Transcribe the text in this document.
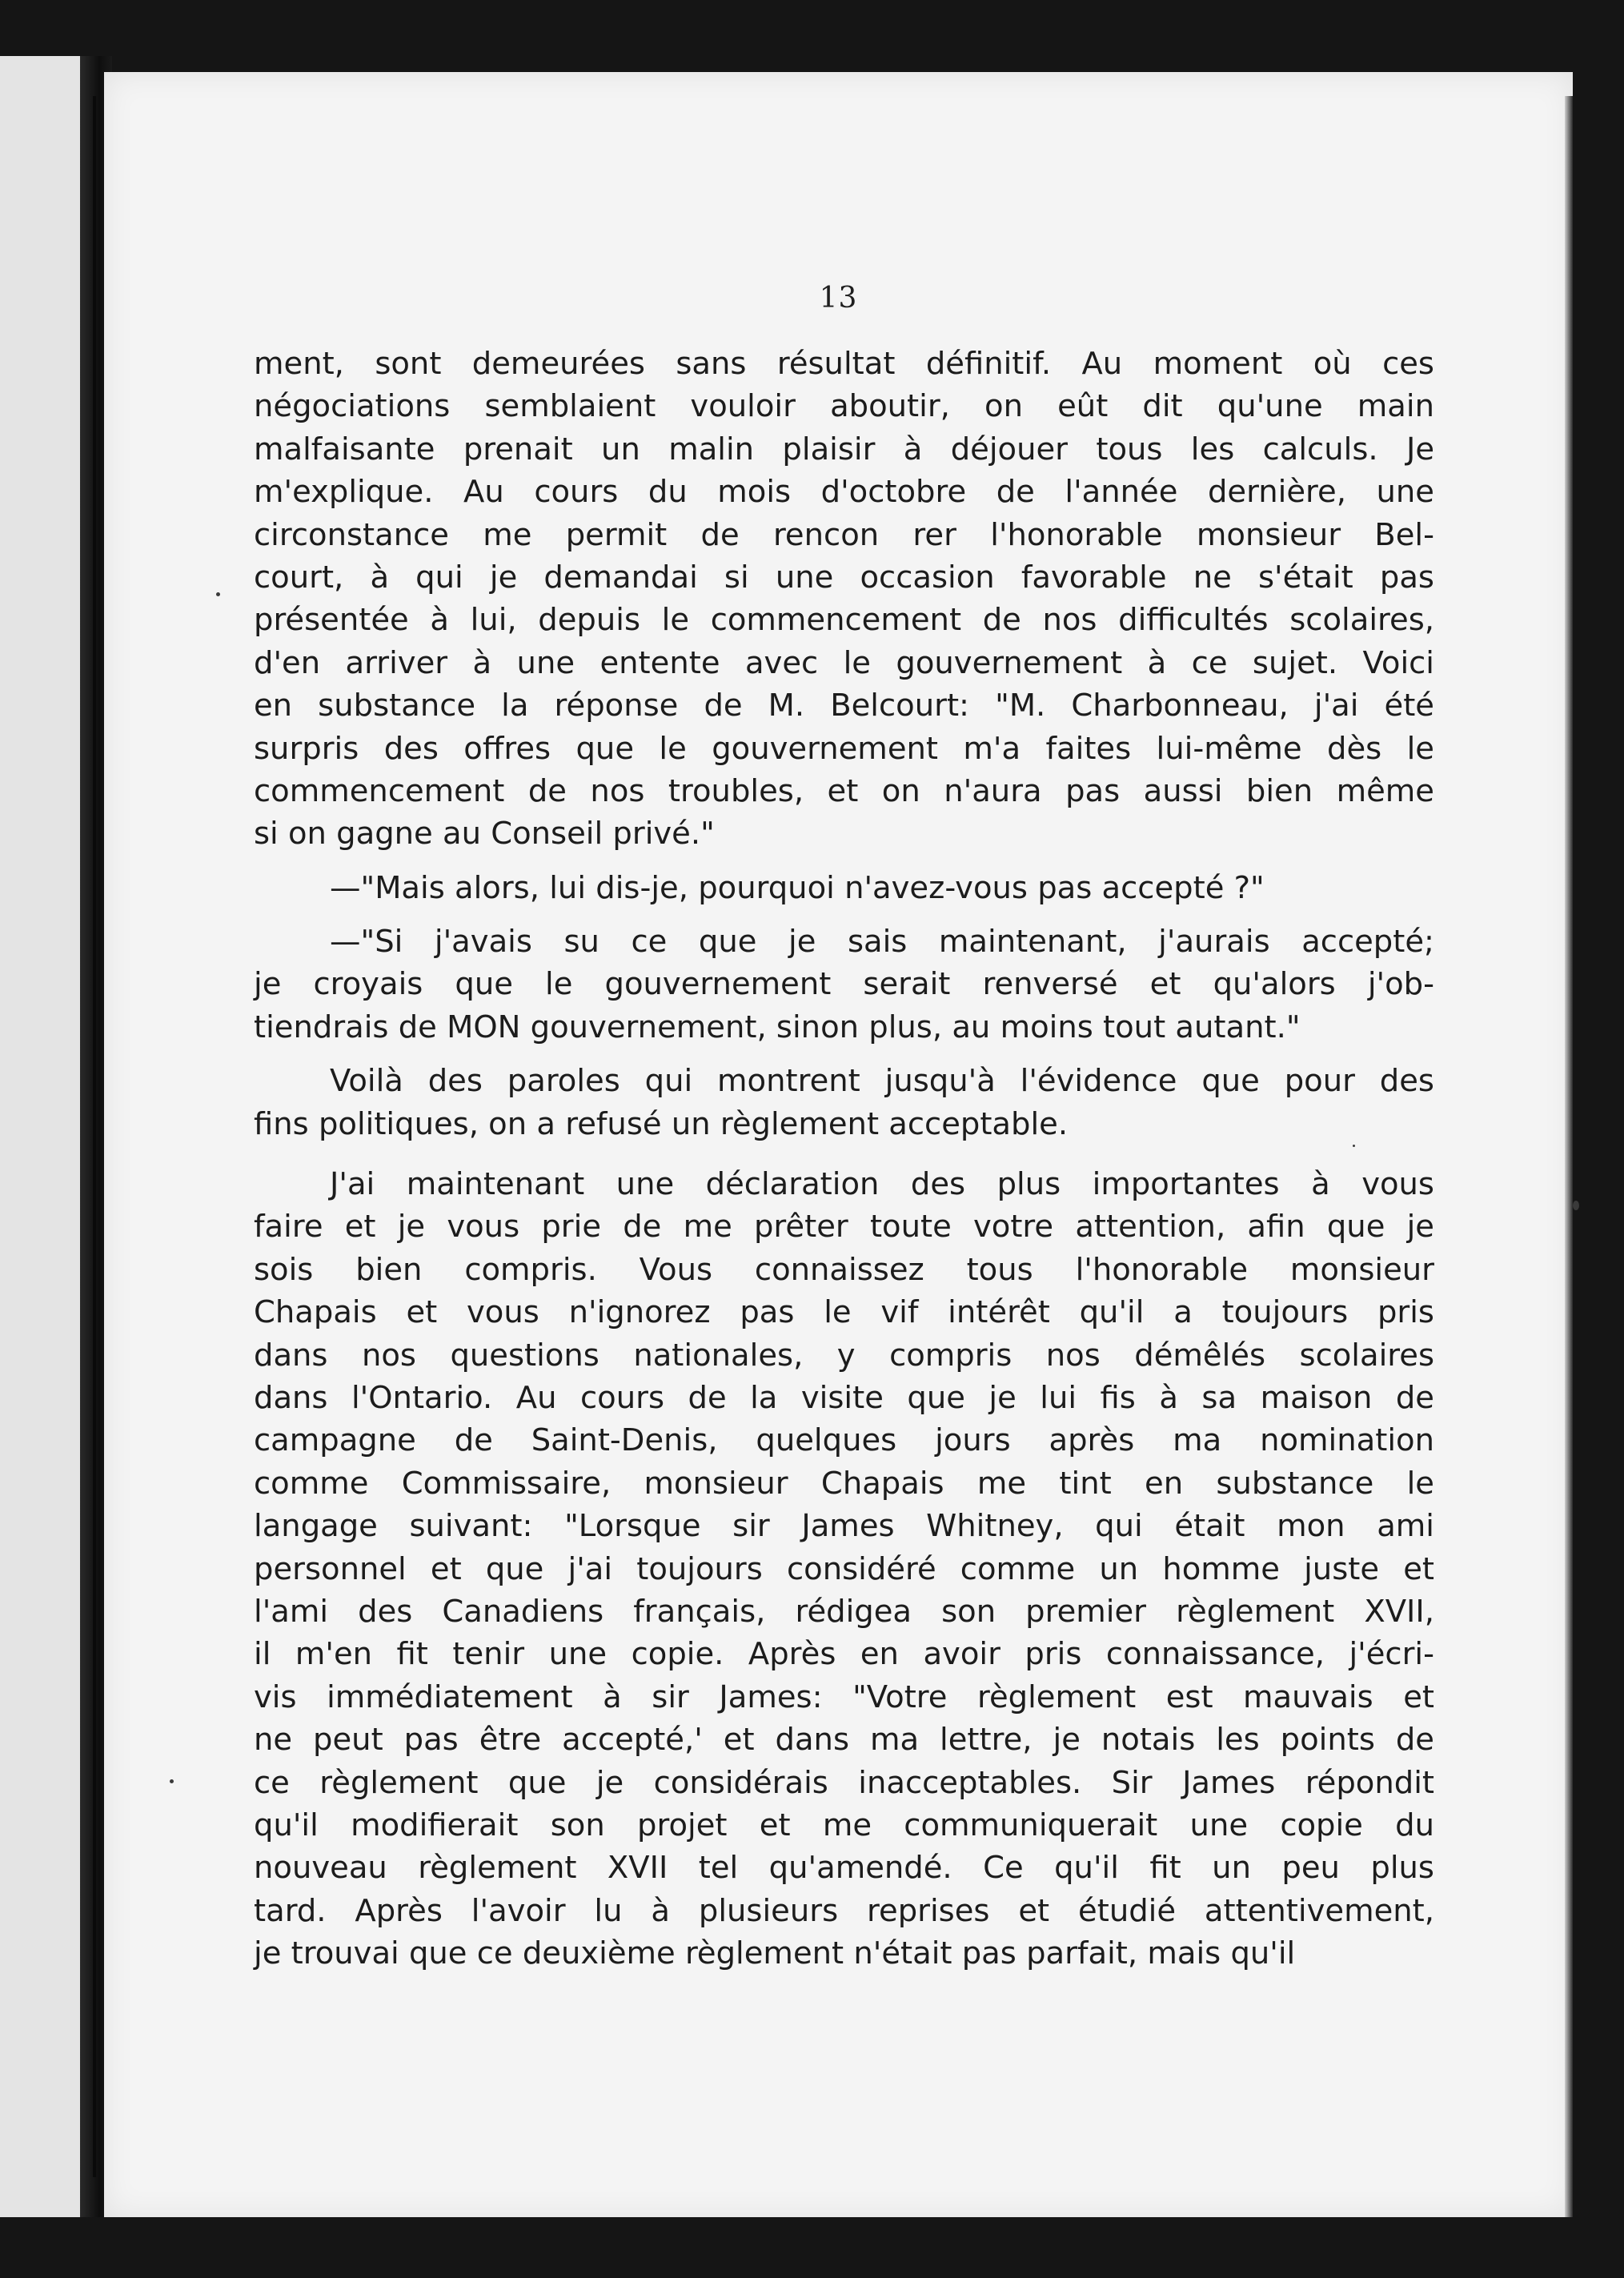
13
ment, sont demeurées sans résultat définitif. Au moment où ces
négociations semblaient vouloir aboutir, on eût dit qu'une main
malfaisante prenait un malin plaisir à déjouer tous les calculs. Je
m'explique. Au cours du mois d'octobre de l'année dernière, une
circonstance me permit de rencon rer l'honorable monsieur Bel-
court, à qui je demandai si une occasion favorable ne s'était pas
présentée à lui, depuis le commencement de nos difficultés scolaires,
d'en arriver à une entente avec le gouvernement à ce sujet. Voici
en substance la réponse de M. Belcourt: "M. Charbonneau, j'ai été
surpris des offres que le gouvernement m'a faites lui-même dès le
commencement de nos troubles, et on n'aura pas aussi bien même
si on gagne au Conseil privé."
—"Mais alors, lui dis-je, pourquoi n'avez-vous pas accepté ?"
—"Si j'avais su ce que je sais maintenant, j'aurais accepté;
je croyais que le gouvernement serait renversé et qu'alors j'ob-
tiendrais de MON gouvernement, sinon plus, au moins tout autant."
Voilà des paroles qui montrent jusqu'à l'évidence que pour des
fins politiques, on a refusé un règlement acceptable.
J'ai maintenant une déclaration des plus importantes à vous
faire et je vous prie de me prêter toute votre attention, afin que je
sois bien compris. Vous connaissez tous l'honorable monsieur
Chapais et vous n'ignorez pas le vif intérêt qu'il a toujours pris
dans nos questions nationales, y compris nos démêlés scolaires
dans l'Ontario. Au cours de la visite que je lui fis à sa maison de
campagne de Saint-Denis, quelques jours après ma nomination
comme Commissaire, monsieur Chapais me tint en substance le
langage suivant: "Lorsque sir James Whitney, qui était mon ami
personnel et que j'ai toujours considéré comme un homme juste et
l'ami des Canadiens français, rédigea son premier règlement XVII,
il m'en fit tenir une copie. Après en avoir pris connaissance, j'écri-
vis immédiatement à sir James: "Votre règlement est mauvais et
ne peut pas être accepté,' et dans ma lettre, je notais les points de
ce règlement que je considérais inacceptables. Sir James répondit
qu'il modifierait son projet et me communiquerait une copie du
nouveau règlement XVII tel qu'amendé. Ce qu'il fit un peu plus
tard. Après l'avoir lu à plusieurs reprises et étudié attentivement,
je trouvai que ce deuxième règlement n'était pas parfait, mais qu'il
